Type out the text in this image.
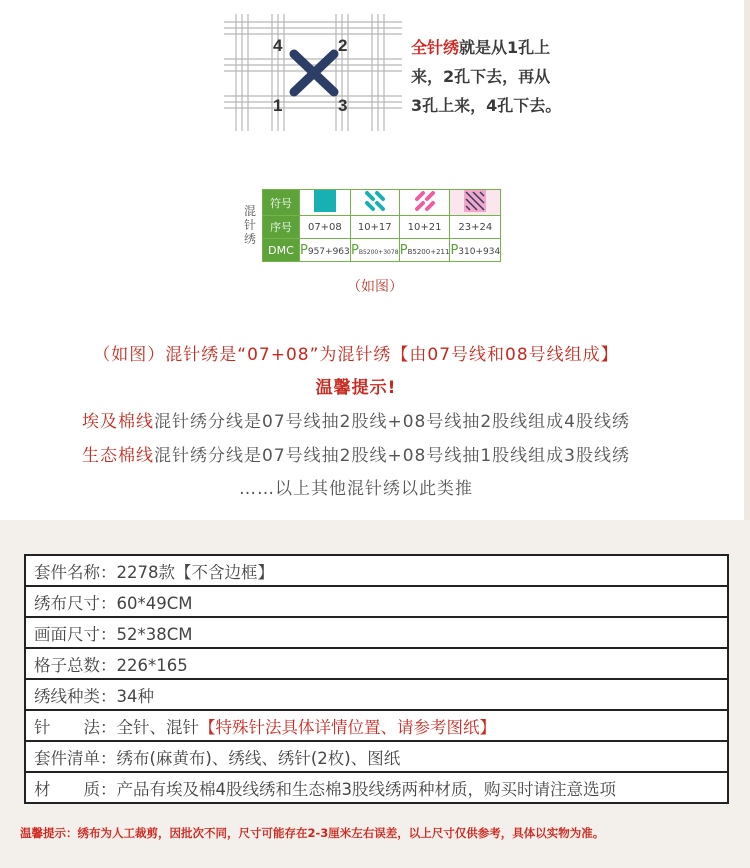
4	2
1	3
全针绣就是从1孔上
来，2孔下去，再从
3孔上来，4孔下去。
混
针
绣
符号				
序号	07+08	10+17	10+21	23+24
DMC	P957+963	PB5200+3078	PB5200+211	P310+934
（如图）
（如图）混针绣是“07+08”为混针绣【由07号线和08号线组成】
温馨提示!
埃及棉线混针绣分线是07号线抽2股线+08号线抽2股线组成4股线绣
生态棉线混针绣分线是07号线抽2股线+08号线抽1股线组成3股线绣
……以上其他混针绣以此类推
套件名称：2278款【不含边框】
绣布尺寸：60*49CM
画面尺寸：52*38CM
格子总数：226*165
绣线种类：34种
针　　法：全针、混针【特殊针法具体详情位置、请参考图纸】
套件清单：绣布(麻黄布)、绣线、绣针(2枚)、图纸
材　　质：产品有埃及棉4股线绣和生态棉3股线绣两种材质，购买时请注意选项
温馨提示：绣布为人工裁剪，因批次不同，尺寸可能存在2-3厘米左右误差，以上尺寸仅供参考，具体以实物为准。
